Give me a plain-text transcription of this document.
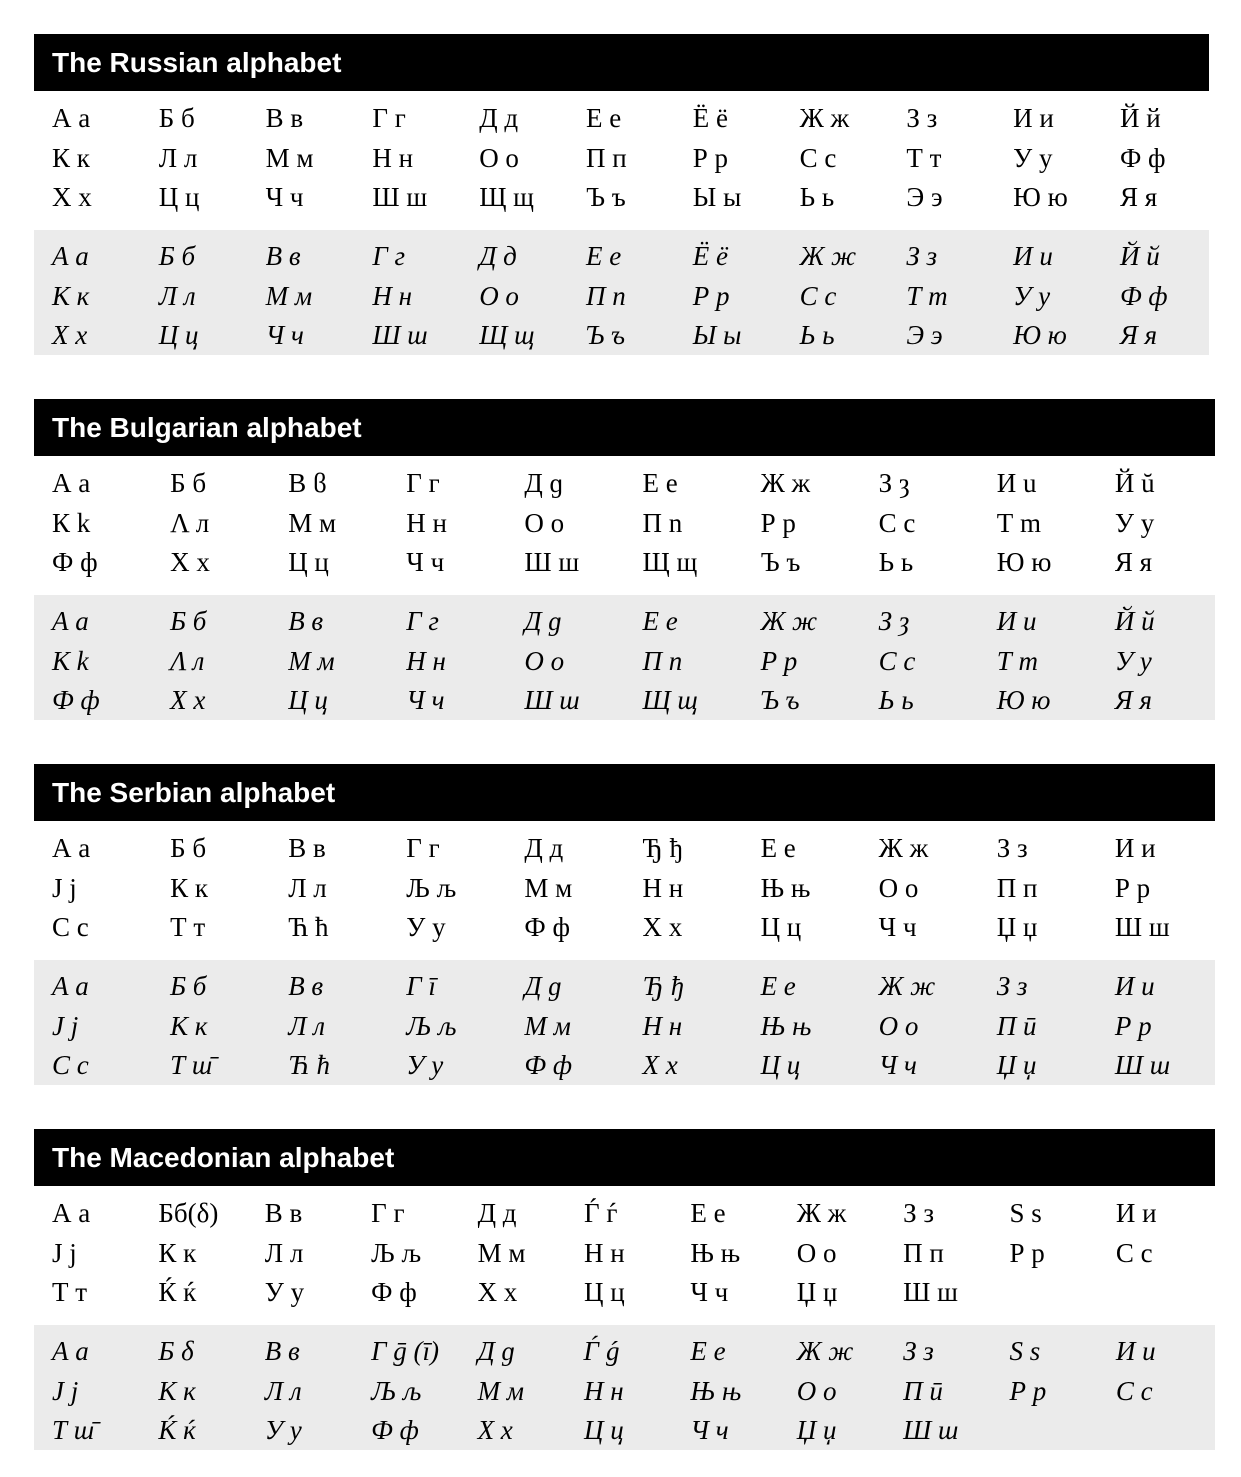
The Russian alphabet
А а	Б б	В в	Г г	Д д	Е е	Ё ё	Ж ж	З з	И и	Й й
К к	Л л	М м	Н н	О о	П п	Р р	С с	Т т	У у	Ф ф
Х х	Ц ц	Ч ч	Ш ш	Щ щ	Ъ ъ	Ы ы	Ь ь	Э э	Ю ю	Я я
А а	Б б	В в	Г г	Д д	Е е	Ё ё	Ж ж	З з	И и	Й й
К к	Л л	М м	Н н	О о	П п	Р р	С с	Т т	У у	Ф ф
Х х	Ц ц	Ч ч	Ш ш	Щ щ	Ъ ъ	Ы ы	Ь ь	Э э	Ю ю	Я я
The Bulgarian alphabet
А а	Б б	В ϐ	Г г	Д ɡ	Е е	Ж ж	З ȝ	И u	Й ŭ
К k	Λ л	М м	Н н	О о	П n	Р р	С с	Т m	У у
Ф ф	Х х	Ц ц	Ч ч	Ш ш	Щ щ	Ъ ъ	Ь ь	Ю ю	Я я
А а	Б б	В в	Г г	Д ɡ	Е е	Ж ж	З ȝ	И и	Й й
К k	Λ л	М м	Н н	О о	П п	Р р	С с	Т т	У у
Ф ф	Х х	Ц ц	Ч ч	Ш ш	Щ щ	Ъ ъ	Ь ь	Ю ю	Я я
The Serbian alphabet
А а	Б б	В в	Г г	Д д	Ђ ђ	Е е	Ж ж	З з	И и
Ј ј	К к	Л л	Љ љ	М м	Н н	Њ њ	О о	П п	Р р
С с	Т т	Ћ ћ	У у	Ф ф	Х х	Ц ц	Ч ч	Џ џ	Ш ш
А а	Б б	В в	Г ī	Д ɡ	Ђ ђ	Е е	Ж ж	З з	И и
Ј ј	К к	Л л	Љ љ	М м	Н н	Њ њ	О о	П ū	Р р
С с	Т ш̄	Ћ ћ	У у	Ф ф	Х х	Ц ц	Ч ч	Џ џ	Ш ш
The Macedonian alphabet
А а	Бб(δ)	В в	Г г	Д д	Ѓ ѓ	Е е	Ж ж	З з	Ѕ ѕ	И и
Ј ј	К к	Л л	Љ љ	М м	Н н	Њ њ	О о	П п	Р р	С с
Т т	Ќ ќ	У у	Ф ф	Х х	Ц ц	Ч ч	Џ џ	Ш ш
А а	Б δ	В в	Г ḡ (ī)	Д ɡ	Ѓ ǵ	Е е	Ж ж	З з	Ѕ ѕ	И и
Ј ј	К к	Л л	Љ љ	М м	Н н	Њ њ	О о	П ū	Р р	С с
Т ш̄	Ќ ќ	У у	Ф ф	Х х	Ц ц	Ч ч	Џ џ	Ш ш
